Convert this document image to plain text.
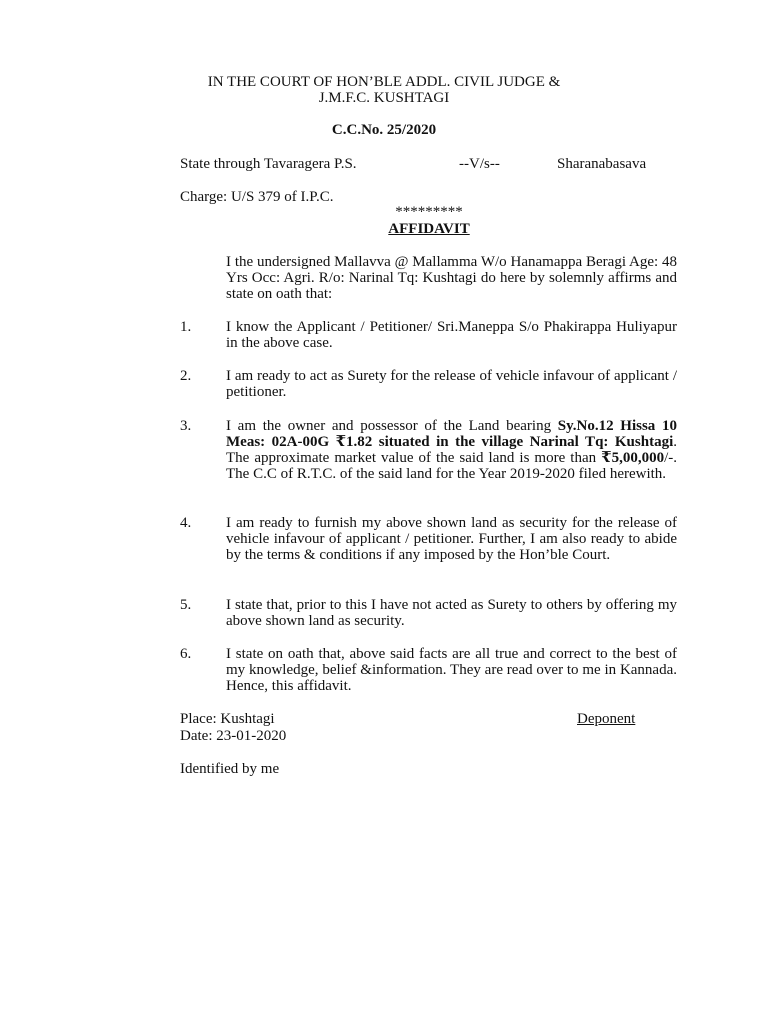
IN THE COURT OF HON’BLE ADDL. CIVIL JUDGE &
J.M.F.C. KUSHTAGI
C.C.No. 25/2020
State through Tavaragera P.S.	--V/s--	Sharanabasava
Charge: U/S 379 of I.P.C.
*********
AFFIDAVIT
I the undersigned Mallavva @ Mallamma W/o Hanamappa Beragi Age: 48 Yrs Occ: Agri. R/o: Narinal Tq: Kushtagi do here by solemnly affirms and state on oath that:
1. I know the Applicant / Petitioner/ Sri.Maneppa S/o Phakirappa Huliyapur in the above case.
2. I am ready to act as Surety for the release of vehicle infavour of applicant / petitioner.
3. I am the owner and possessor of the Land bearing Sy.No.12 Hissa 10 Meas: 02A-00G ₹1.82 situated in the village Narinal Tq: Kushtagi. The approximate market value of the said land is more than ₹5,00,000/-. The C.C of R.T.C. of the said land for the Year 2019-2020 filed herewith.
4. I am ready to furnish my above shown land as security for the release of vehicle infavour of applicant / petitioner. Further, I am also ready to abide by the terms & conditions if any imposed by the Hon’ble Court.
5. I state that, prior to this I have not acted as Surety to others by offering my above shown land as security.
6. I state on oath that, above said facts are all true and correct to the best of my knowledge, belief &information. They are read over to me in Kannada. Hence, this affidavit.
Place: Kushtagi	Deponent
Date: 23-01-2020
Identified by me
